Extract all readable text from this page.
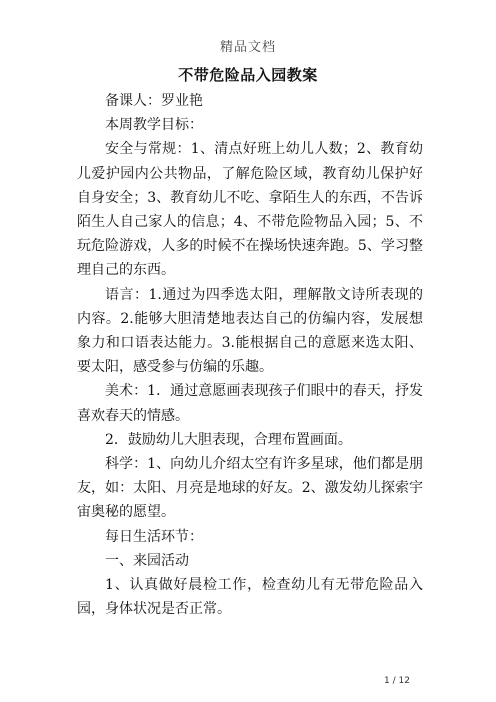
精品文档
不带危险品入园教案

备课人：罗业艳

本周教学目标：

安全与常规：1、清点好班上幼儿人数；2、教育幼儿爱护园内公共物品，了解危险区域，教育幼儿保护好自身安全；3、教育幼儿不吃、拿陌生人的东西，不告诉陌生人自己家人的信息；4、不带危险物品入园；5、不玩危险游戏，人多的时候不在操场快速奔跑。5、学习整理自己的东西。

语言：1.通过为四季选太阳，理解散文诗所表现的内容。2.能够大胆清楚地表达自己的仿编内容，发展想象力和口语表达能力。3.能根据自己的意愿来选太阳、要太阳，感受参与仿编的乐趣。

美术：1．通过意愿画表现孩子们眼中的春天，抒发喜欢春天的情感。

2．鼓励幼儿大胆表现，合理布置画面。

科学：1、向幼儿介绍太空有许多星球，他们都是朋友，如：太阳、月亮是地球的好友。2、激发幼儿探索宇宙奥秘的愿望。

每日生活环节：

一、来园活动

1、认真做好晨检工作，检查幼儿有无带危险品入园，身体状况是否正常。

1 / 12
